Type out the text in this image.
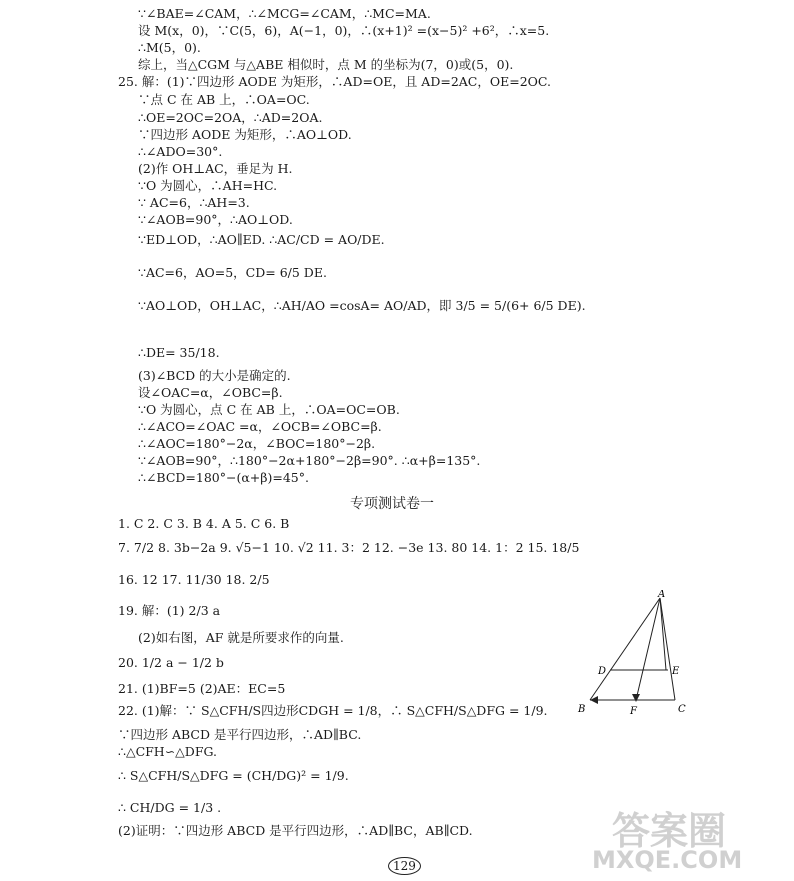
∵∠BAE=∠CAM，∴∠MCG=∠CAM，∴MC=MA.
设 M(x，0)，∵C(5，6)，A(−1，0)，∴(x+1)² =(x−5)² +6²，∴x=5.
∴M(5，0).
综上，当△CGM 与△ABE 相似时，点 M 的坐标为(7，0)或(5，0).
25. 解：(1)∵四边形 AODE 为矩形，∴AD=OE，且 AD=2AC，OE=2OC.
∵点 C 在 AB 上，∴OA=OC.
∴OE=2OC=2OA，∴AD=2OA.
∵四边形 AODE 为矩形，∴AO⊥OD.
∴∠ADO=30°.
(2)作 OH⊥AC，垂足为 H.
∵O 为圆心，∴AH=HC.
∵ AC=6，∴AH=3.
∵∠AOB=90°，∴AO⊥OD.
∵ED⊥OD，∴AO∥ED. ∴AC/CD = AO/DE.
∵AC=6，AO=5，CD= 6/5 DE.
∵AO⊥OD，OH⊥AC，∴AH/AO =cosA= AO/AD，即 3/5 = 5/(6+ 6/5 DE).
∴DE= 35/18.
(3)∠BCD 的大小是确定的.
设∠OAC=α，∠OBC=β.
∵O 为圆心，点 C 在 AB 上，∴OA=OC=OB.
∴∠ACO=∠OAC =α，∠OCB=∠OBC=β.
∴∠AOC=180°−2α，∠BOC=180°−2β.
∵∠AOB=90°，∴180°−2α+180°−2β=90°. ∴α+β=135°.
∴∠BCD=180°−(α+β)=45°.
1. C 2. C 3. B 4. A 5. C 6. B
7. 7/2 8. 3b−2a 9. √5−1 10. √2 11. 3：2 12. −3e 13. 80 14. 1：2 15. 18/5
16. 12 17. 11/30 18. 2/5
19. 解：(1) 2/3 a
(2)如右图，AF 就是所要求作的向量.
20. 1/2 a − 1/2 b
21. (1)BF=5 (2)AE：EC=5
22. (1)解：∵ S△CFH/S四边形CDGH = 1/8，∴ S△CFH/S△DFG = 1/9.
∵四边形 ABCD 是平行四边形，∴AD∥BC.
∴△CFH∽△DFG.
∴ S△CFH/S△DFG = (CH/DG)² = 1/9.
∴ CH/DG = 1/3 .
(2)证明：∵四边形 ABCD 是平行四边形，∴AD∥BC，AB∥CD.
专项测试卷一
A
D	E
B	F	C
答案圈
MXQE.COM
129
